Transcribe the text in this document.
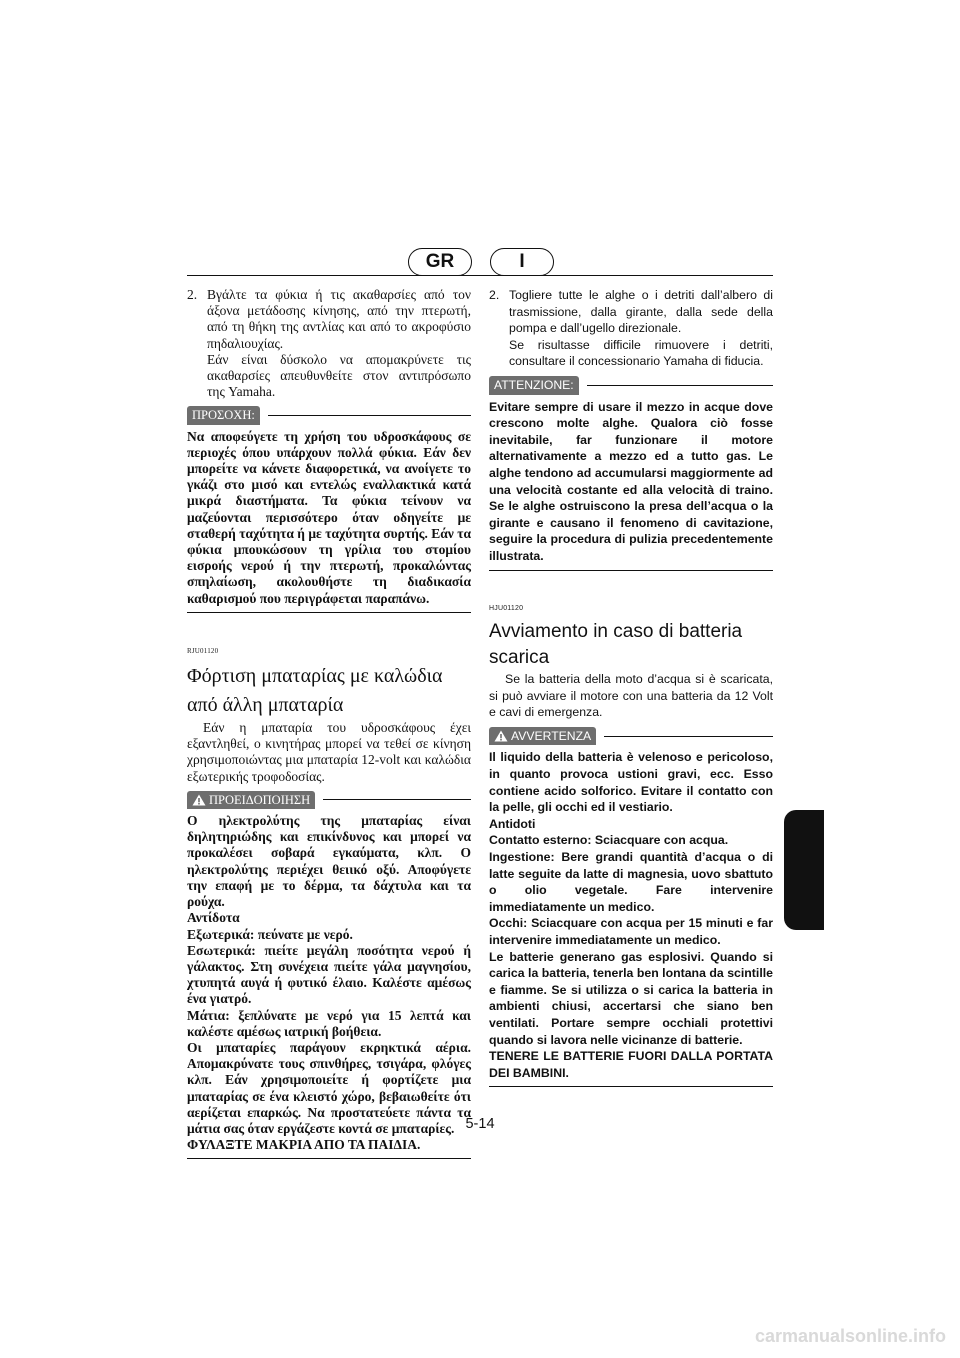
GR	I
2. Βγάλτε τα φύκια ή τις ακαθαρσίες από τον άξονα μετάδοσης κίνησης, από την πτερωτή, από τη θήκη της αντλίας και από το ακροφύσιο πηδαλιουχίας.

Εάν είναι δύσκολο να απομακρύνετε τις ακαθαρσίες απευθυνθείτε στον αντιπρόσωπο της Yamaha.

ΠΡΟΣΟΧΗ:

Να αποφεύγετε τη χρήση του υδροσκάφους σε περιοχές όπου υπάρχουν πολλά φύκια. Εάν δεν μπορείτε να κάνετε διαφορετικά, να ανοίγετε το γκάζι στο μισό και εντελώς εναλλακτικά κατά μικρά διαστήματα. Τα φύκια τείνουν να μαζεύονται περισσότερο όταν οδηγείτε με σταθερή ταχύτητα ή με ταχύτητα συρτής. Εάν τα φύκια μπουκώσουν τη γρίλια του στομίου εισροής νερού ή την πτερωτή, προκαλώντας σπηλαίωση, ακολουθήστε τη διαδικασία καθαρισμού που περιγράφεται παραπάνω.

RJU01120
Φόρτιση μπαταρίας με καλώδια
από άλλη μπαταρία

Εάν η μπαταρία του υδροσκάφους έχει εξαντληθεί, ο κινητήρας μπορεί να τεθεί σε κίνηση χρησιμοποιώντας μια μπαταρία 12-volt και καλώδια εξωτερικής τροφοδοσίας.

ΠΡΟΕΙΔΟΠΟΙΗΣΗ

Ο ηλεκτρολύτης της μπαταρίας είναι δηλητηριώδης και επικίνδυνος και μπορεί να προκαλέσει σοβαρά εγκαύματα, κλπ. Ο ηλεκτρολύτης περιέχει θειικό οξύ. Αποφύγετε την επαφή με το δέρμα, τα δάχτυλα και τα ρούχα.

Αντίδοτα

Εξωτερικά: πεύνατε με νερό.

Εσωτερικά: πιείτε μεγάλη ποσότητα νερού ή γάλακτος. Στη συνέχεια πιείτε γάλα μαγνησίου, χτυπητά αυγά ή φυτικό έλαιο. Καλέστε αμέσως ένα γιατρό.

Μάτια: ξεπλύνατε με νερό για 15 λεπτά και καλέστε αμέσως ιατρική βοήθεια.

Οι μπαταρίες παράγουν εκρηκτικά αέρια. Απομακρύνατε τους σπινθήρες, τσιγάρα, φλόγες κλπ. Εάν χρησιμοποιείτε ή φορτίζετε μια μπαταρίας σε ένα κλειστό χώρο, βεβαιωθείτε ότι αερίζεται επαρκώς. Να προστατεύετε πάντα τα μάτια σας όταν εργάζεστε κοντά σε μπαταρίες.

ΦΥΛΑΞΤΕ ΜΑΚΡΙΑ ΑΠΟ ΤΑ ΠΑΙΔΙΑ.

2. Togliere tutte le alghe o i detriti dall’albero di trasmissione, dalla girante, dalla sede della pompa e dall’ugello direzionale.

Se risultasse difficile rimuovere i detriti, consultare il concessionario Yamaha di fiducia.

ATTENZIONE:

Evitare sempre di usare il mezzo in acque dove crescono molte alghe. Qualora ciò fosse inevitabile, far funzionare il motore alternativamente a mezzo ed a tutto gas. Le alghe tendono ad accumularsi maggiormente ad una velocità costante ed alla velocità di traino. Se le alghe ostruiscono la presa dell’acqua o la girante e causano il fenomeno di cavitazione, seguire la procedura di pulizia precedentemente illustrata.

HJU01120
Avviamento in caso di batteria
scarica

Se la batteria della moto d’acqua si è scaricata, si può avviare il motore con una batteria da 12 Volt e cavi di emergenza.

AVVERTENZA

Il liquido della batteria è velenoso e pericoloso, in quanto provoca ustioni gravi, ecc. Esso contiene acido solforico. Evitare il contatto con la pelle, gli occhi ed il vestiario.

Antidoti

Contatto esterno: Sciacquare con acqua.

Ingestione: Bere grandi quantità d’acqua o di latte seguite da latte di magnesia, uovo sbattuto o olio vegetale. Fare intervenire immediatamente un medico.

Occhi: Sciacquare con acqua per 15 minuti e far intervenire immediatamente un medico.

Le batterie generano gas esplosivi. Quando si carica la batteria, tenerla ben lontana da scintille e fiamme. Se si utilizza o si carica la batteria in ambienti chiusi, accertarsi che siano ben ventilati. Portare sempre occhiali protettivi quando si lavora nelle vicinanze di batterie.

TENERE LE BATTERIE FUORI DALLA PORTATA DEI BAMBINI.

5-14
carmanualsonline.info
